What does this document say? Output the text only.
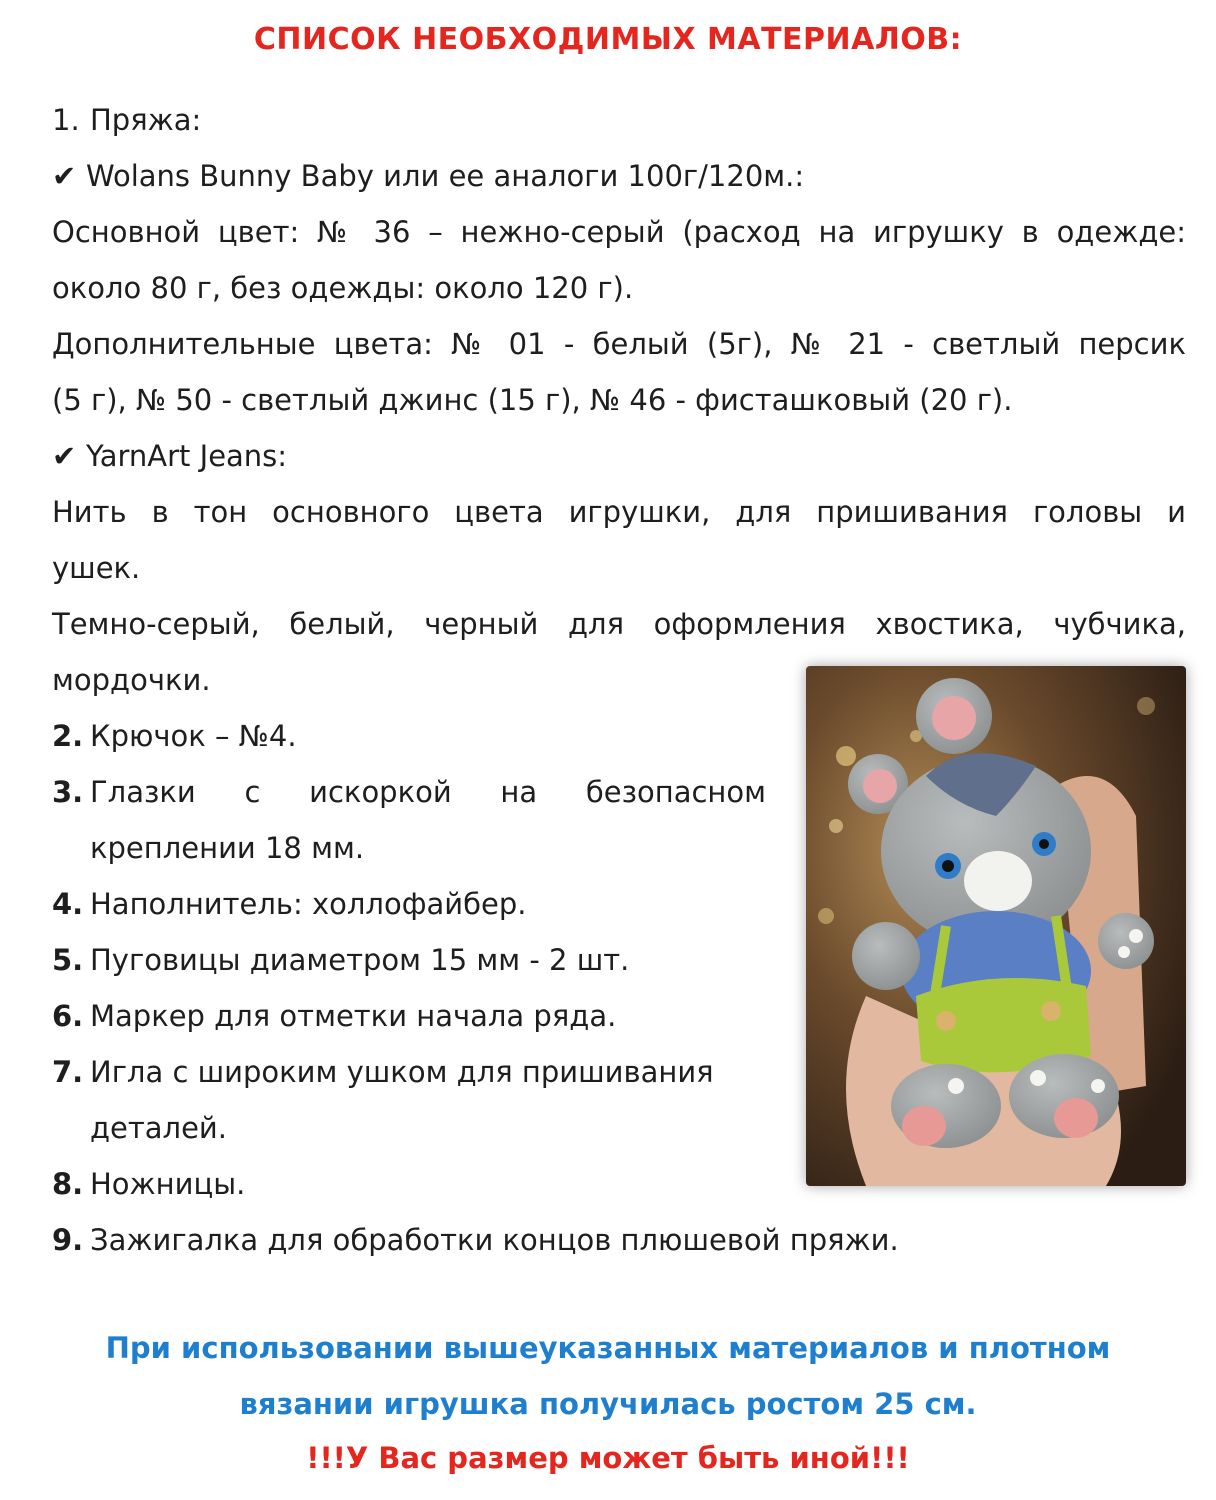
СПИСОК НЕОБХОДИМЫХ МАТЕРИАЛОВ:
1. Пряжа:
✔ Wolans Bunny Baby или ее аналоги 100г/120м.:
Основной цвет: № 36 – нежно-серый (расход на игрушку в одежде:
около 80 г, без одежды: около 120 г).
Дополнительные цвета: № 01 - белый (5г), № 21 - светлый персик
(5 г), № 50 - светлый джинс (15 г), № 46 - фисташковый (20 г).
✔ YarnArt Jeans:
Нить в тон основного цвета игрушки, для пришивания головы и
ушек.
Темно-серый, белый, черный для оформления хвостика, чубчика,
мордочки.
2. Крючок – №4.
3. Глазки с искоркой на безопасном
креплении 18 мм.
4. Наполнитель: холлофайбер.
5. Пуговицы диаметром 15 мм - 2 шт.
6. Маркер для отметки начала ряда.
7. Игла с широким ушком для пришивания
деталей.
8. Ножницы.
9. Зажигалка для обработки концов плюшевой пряжи.
При использовании вышеуказанных материалов и плотном
вязании игрушка получилась ростом 25 см.
!!!У Вас размер может быть иной!!!
